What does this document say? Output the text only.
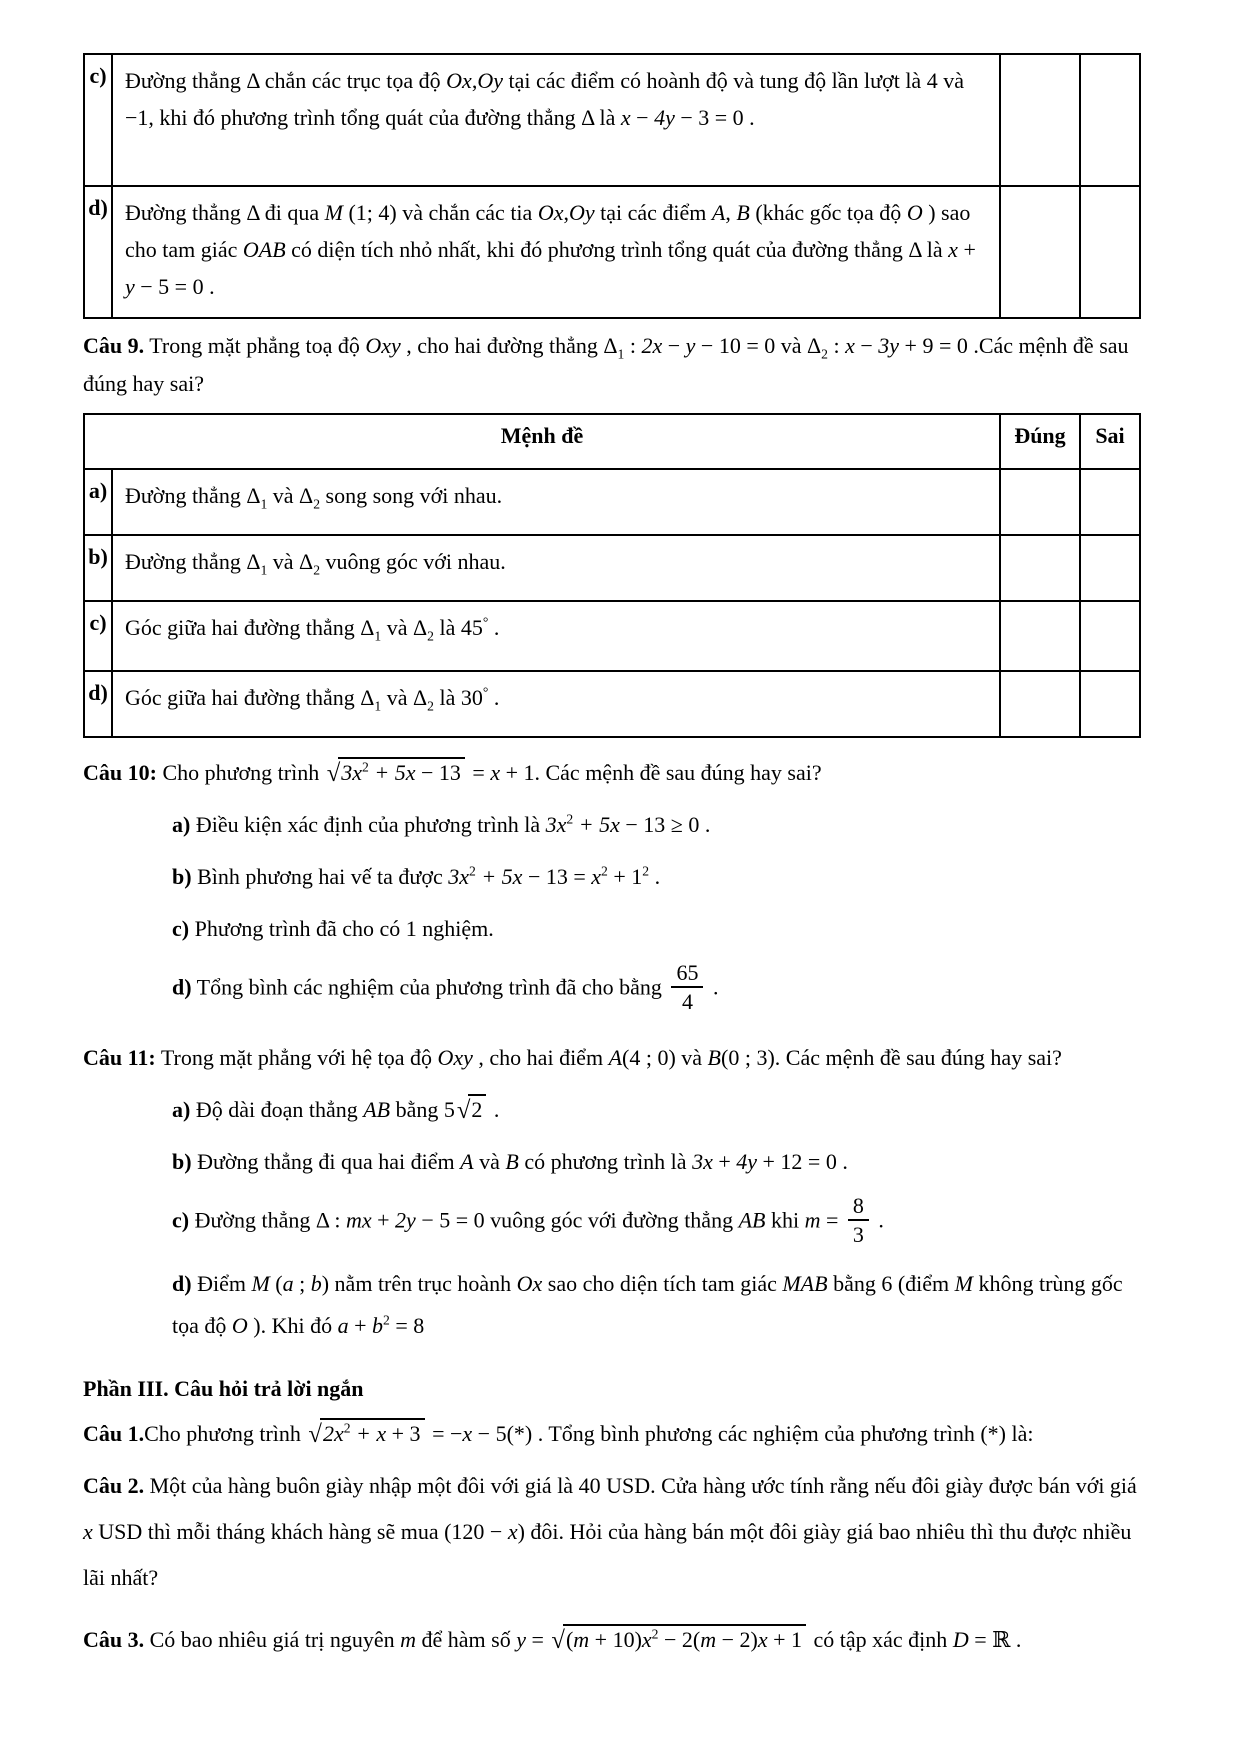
c)	Đường thẳng Δ chắn các trục tọa độ Ox,Oy tại các điểm có hoành độ và tung độ lần lượt là 4 và −1, khi đó phương trình tổng quát của đường thẳng Δ là x − 4y − 3 = 0 .		
d)	Đường thẳng Δ đi qua M (1; 4) và chắn các tia Ox,Oy tại các điểm A, B (khác gốc tọa độ O ) sao cho tam giác OAB có diện tích nhỏ nhất, khi đó phương trình tổng quát của đường thẳng Δ là x + y − 5 = 0 .		

Câu 9. Trong mặt phẳng toạ độ Oxy , cho hai đường thẳng $\Delta_1$ : 2x − y − 10 = 0 và $\Delta_2$ : x − 3y + 9 = 0 .Các mệnh đề sau đúng hay sai?

Mệnh đề		Đúng	Sai
a)	Đường thẳng $\Delta_1$ và $\Delta_2$ song song với nhau.		
b)	Đường thẳng $\Delta_1$ và $\Delta_2$ vuông góc với nhau.		
c)	Góc giữa hai đường thẳng $\Delta_1$ và $\Delta_2$ là 45° .		
d)	Góc giữa hai đường thẳng $\Delta_1$ và $\Delta_2$ là 30° .		

Câu 10: Cho phương trình $√3x^2 + 5x - 13 = x + 1$. Các mệnh đề sau đúng hay sai?

a) Điều kiện xác định của phương trình là $3x^2 + 5x - 13 \ge 0$ .

b) Bình phương hai vế ta được $3x^2 + 5x - 13 = x^2 + 1^2$ .

c) Phương trình đã cho có 1 nghiệm.

d) Tổng bình các nghiệm của phương trình đã cho bằng $\frac{65}{4}$ .

Câu 11: Trong mặt phẳng với hệ tọa độ Oxy , cho hai điểm A(4 ; 0) và B(0 ; 3). Các mệnh đề sau đúng hay sai?

a) Độ dài đoạn thẳng AB bằng 5√2 .

b) Đường thẳng đi qua hai điểm A và B có phương trình là 3x + 4y + 12 = 0 .

c) Đường thẳng Δ : mx + 2y − 5 = 0 vuông góc với đường thẳng AB khi $m = \frac{8}{3}$ .

d) Điểm M (a ; b) nằm trên trục hoành Ox sao cho diện tích tam giác MAB bằng 6 (điểm M không trùng gốc tọa độ O ). Khi đó $a + b^2 = 8$

Phần III. Câu hỏi trả lời ngắn

Câu 1.Cho phương trình $√2x^2 + x + 3 = -x - 5(*)$ . Tổng bình phương các nghiệm của phương trình (*) là:

Câu 2. Một của hàng buôn giày nhập một đôi với giá là 40 USD. Cửa hàng ước tính rằng nếu đôi giày được bán với giá x USD thì mỗi tháng khách hàng sẽ mua (120 − x) đôi. Hỏi của hàng bán một đôi giày giá bao nhiêu thì thu được nhiều lãi nhất?

Câu 3. Có bao nhiêu giá trị nguyên m để hàm số $y = √(m + 10)x^2 - 2(m - 2)x + 1$ có tập xác định D = ℝ .
